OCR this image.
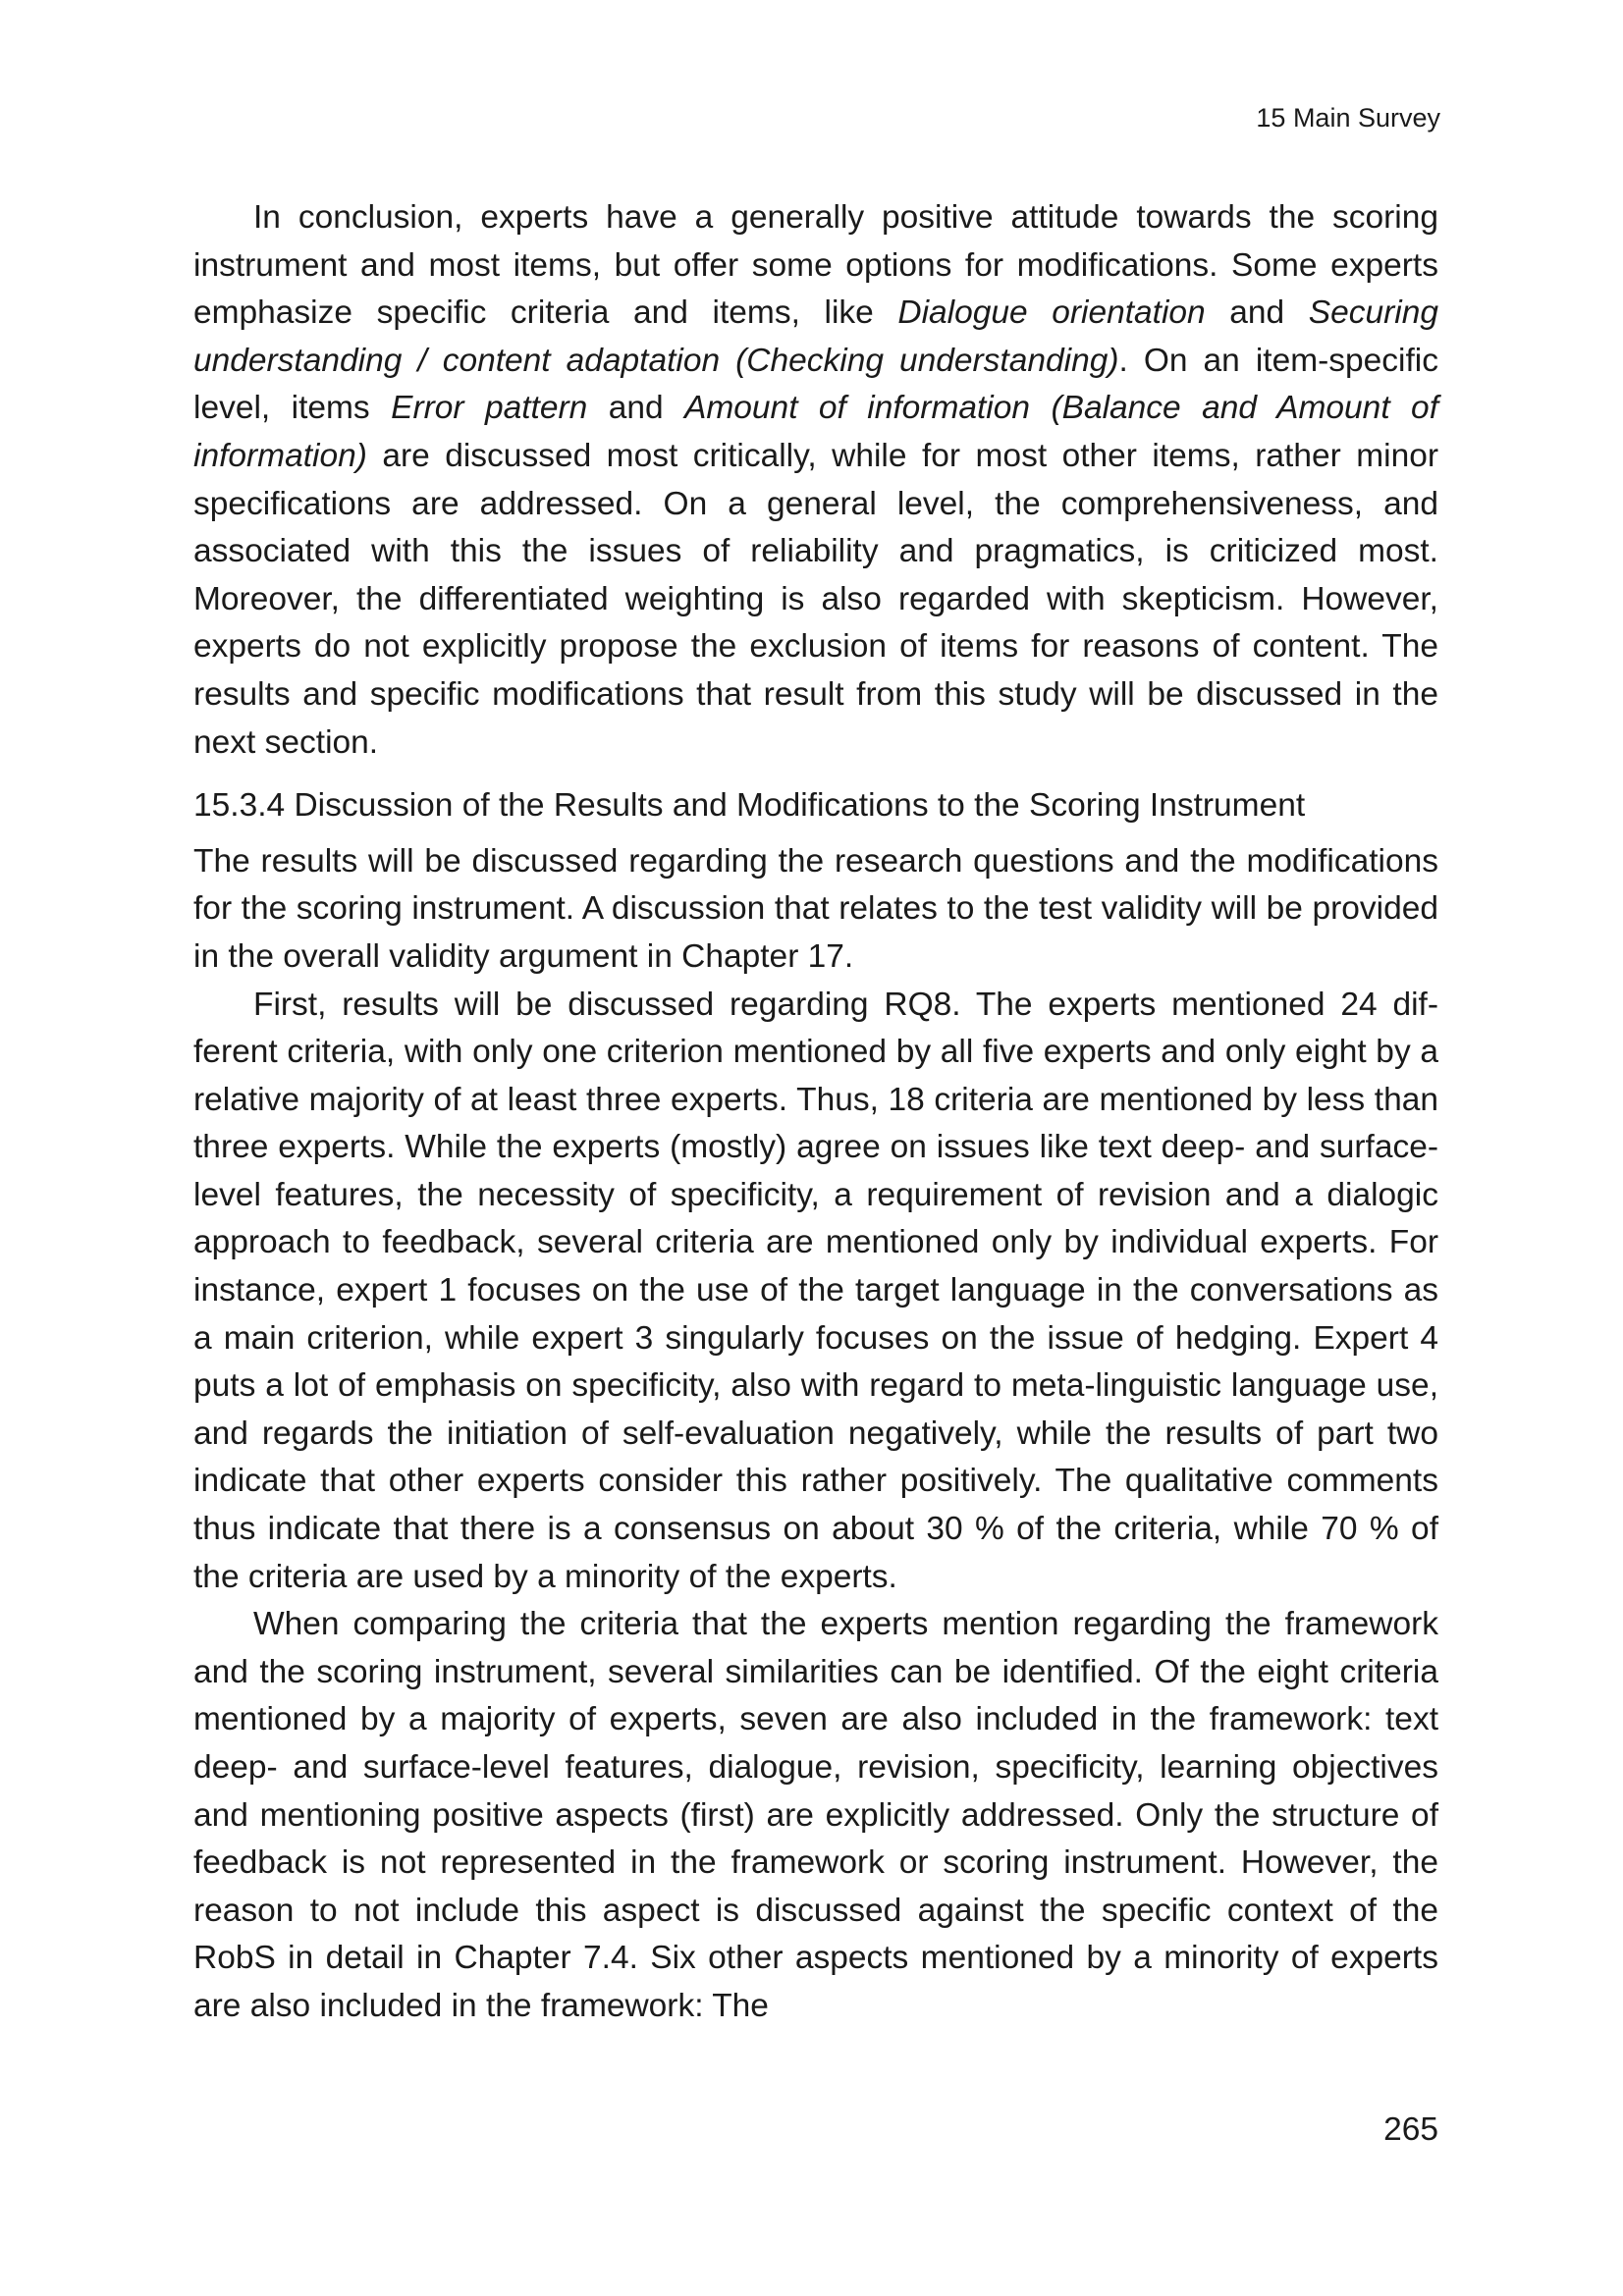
15 Main Survey

In conclusion, experts have a generally positive attitude towards the scoring instrument and most items, but offer some options for modifications. Some experts emphasize specific criteria and items, like Dialogue orientation and Securing understanding / content adaptation (Checking understanding). On an item-specific level, items Error pattern and Amount of information (Balance and Amount of information) are discussed most critically, while for most other items, rather minor specifications are addressed. On a general level, the comprehensiveness, and associated with this the issues of reliability and pragmatics, is criticized most. Moreover, the differentiated weighting is also regarded with skepticism. However, experts do not explicitly propose the exclusion of items for reasons of content. The results and specific modifications that result from this study will be discussed in the next section.

15.3.4 Discussion of the Results and Modifications to the Scoring Instrument

The results will be discussed regarding the research questions and the modifications for the scoring instrument. A discussion that relates to the test validity will be provided in the overall validity argument in Chapter 17.

First, results will be discussed regarding RQ8. The experts mentioned 24 different criteria, with only one criterion mentioned by all five experts and only eight by a relative majority of at least three experts. Thus, 18 criteria are mentioned by less than three experts. While the experts (mostly) agree on issues like text deep- and surface-level features, the necessity of specificity, a requirement of revision and a dialogic approach to feedback, several criteria are mentioned only by individual experts. For instance, expert 1 focuses on the use of the target language in the conversations as a main criterion, while expert 3 singularly focuses on the issue of hedging. Expert 4 puts a lot of emphasis on specificity, also with regard to meta-linguistic language use, and regards the initiation of self-evaluation negatively, while the results of part two indicate that other experts consider this rather positively. The qualitative comments thus indicate that there is a consensus on about 30 % of the criteria, while 70 % of the criteria are used by a minority of the experts.

When comparing the criteria that the experts mention regarding the framework and the scoring instrument, several similarities can be identified. Of the eight criteria mentioned by a majority of experts, seven are also included in the framework: text deep- and surface-level features, dialogue, revision, specificity, learning objectives and mentioning positive aspects (first) are explicitly addressed. Only the structure of feedback is not represented in the framework or scoring instrument. However, the reason to not include this aspect is discussed against the specific context of the RobS in detail in Chapter 7.4. Six other aspects mentioned by a minority of experts are also included in the framework: The

265
